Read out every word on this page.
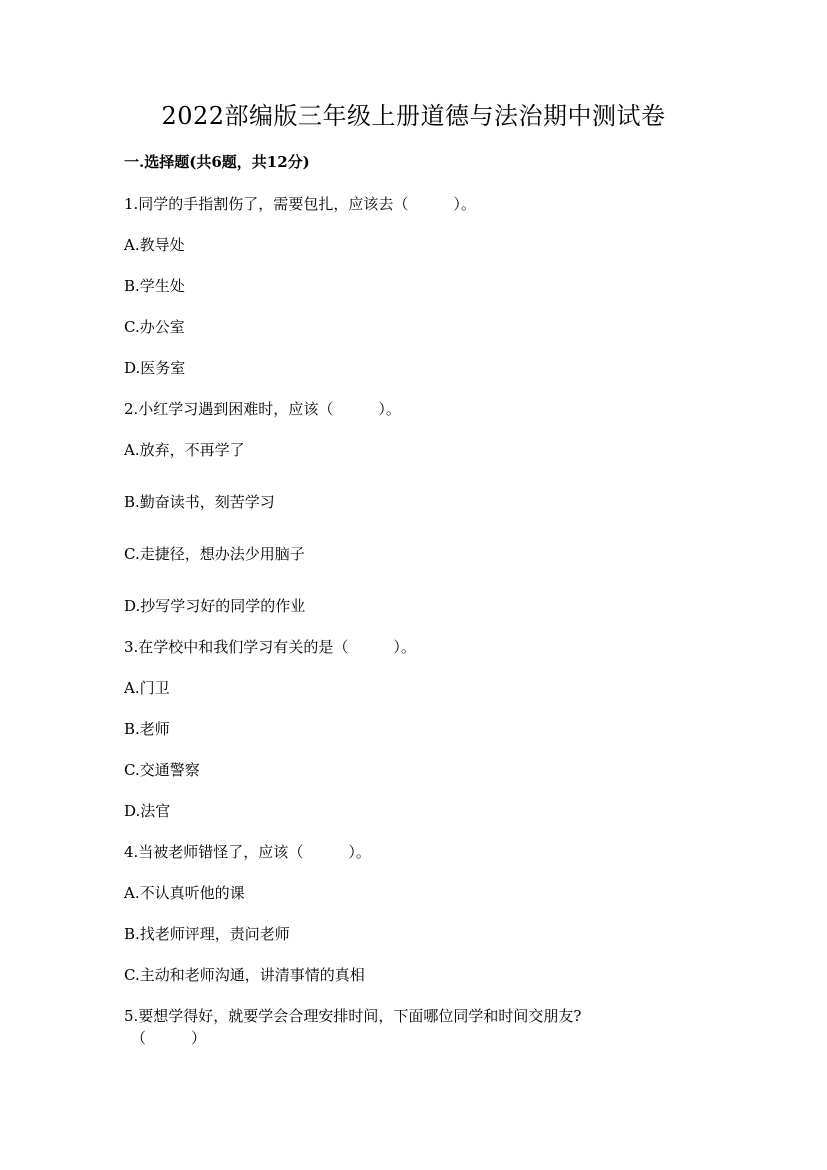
2022部编版三年级上册道德与法治期中测试卷
一.选择题(共6题，共12分)
1.同学的手指割伤了，需要包扎，应该去（　　　）。
A.教导处
B.学生处
C.办公室
D.医务室
2.小红学习遇到困难时，应该（　　　）。
A.放弃，不再学了
B.勤奋读书，刻苦学习
C.走捷径，想办法少用脑子
D.抄写学习好的同学的作业
3.在学校中和我们学习有关的是（　　　）。
A.门卫
B.老师
C.交通警察
D.法官
4.当被老师错怪了，应该（　　　）。
A.不认真听他的课
B.找老师评理，责问老师
C.主动和老师沟通，讲清事情的真相
5.要想学得好，就要学会合理安排时间，下面哪位同学和时间交朋友?
（　　　）
